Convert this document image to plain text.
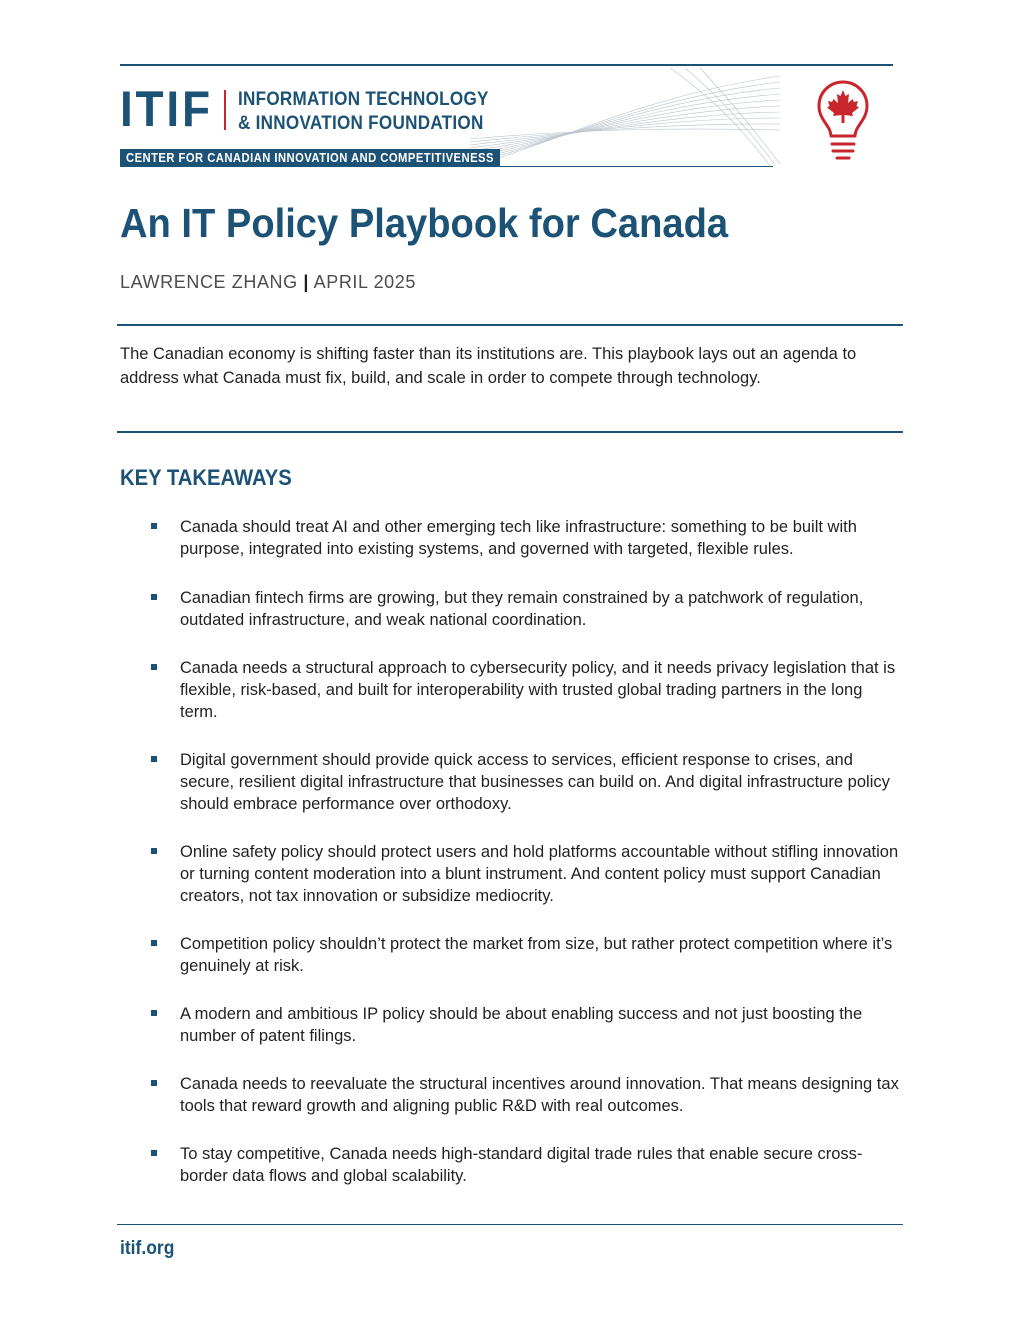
ITIF INFORMATION TECHNOLOGY
& INNOVATION FOUNDATION
CENTER FOR CANADIAN INNOVATION AND COMPETITIVENESS
An IT Policy Playbook for Canada
LAWRENCE ZHANG | APRIL 2025

The Canadian economy is shifting faster than its institutions are. This playbook lays out an agenda to address what Canada must fix, build, and scale in order to compete through technology.

KEY TAKEAWAYS
Canada should treat AI and other emerging tech like infrastructure: something to be built with purpose, integrated into existing systems, and governed with targeted, flexible rules.
Canadian fintech firms are growing, but they remain constrained by a patchwork of regulation, outdated infrastructure, and weak national coordination.
Canada needs a structural approach to cybersecurity policy, and it needs privacy legislation that is flexible, risk-based, and built for interoperability with trusted global trading partners in the long term.
Digital government should provide quick access to services, efficient response to crises, and secure, resilient digital infrastructure that businesses can build on. And digital infrastructure policy should embrace performance over orthodoxy.
Online safety policy should protect users and hold platforms accountable without stifling innovation or turning content moderation into a blunt instrument. And content policy must support Canadian creators, not tax innovation or subsidize mediocrity.
Competition policy shouldn’t protect the market from size, but rather protect competition where it’s genuinely at risk.
A modern and ambitious IP policy should be about enabling success and not just boosting the number of patent filings.
Canada needs to reevaluate the structural incentives around innovation. That means designing tax tools that reward growth and aligning public R&D with real outcomes.
To stay competitive, Canada needs high-standard digital trade rules that enable secure cross-border data flows and global scalability.
itif.org
